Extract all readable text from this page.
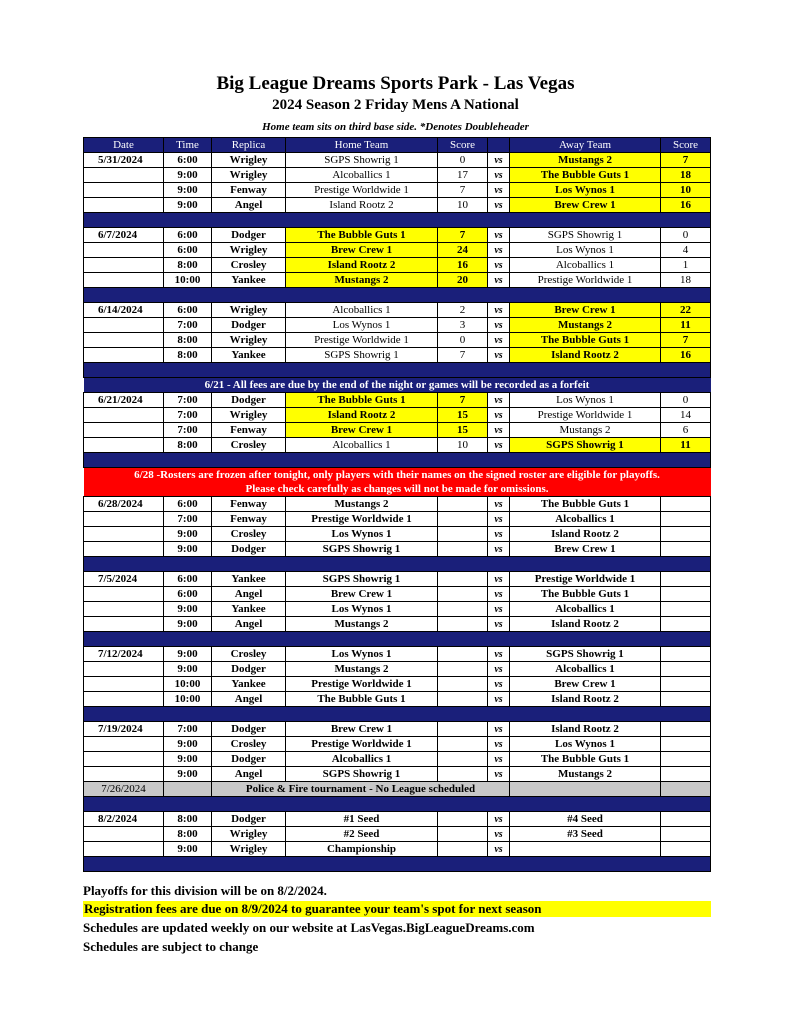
Big League Dreams Sports Park - Las Vegas
2024 Season 2 Friday Mens A National
Home team sits on third base side. *Denotes Doubleheader
Date	Time	Replica	Home Team	Score		Away Team	Score
5/31/2024	6:00	Wrigley	SGPS Showrig 1	0	vs	Mustangs 2	7
	9:00	Wrigley	Alcoballics 1	17	vs	The Bubble Guts 1	18
	9:00	Fenway	Prestige Worldwide 1	7	vs	Los Wynos 1	10
	9:00	Angel	Island Rootz 2	10	vs	Brew Crew 1	16

6/7/2024	6:00	Dodger	The Bubble Guts 1	7	vs	SGPS Showrig 1	0
	6:00	Wrigley	Brew Crew 1	24	vs	Los Wynos 1	4
	8:00	Crosley	Island Rootz 2	16	vs	Alcoballics 1	1
	10:00	Yankee	Mustangs 2	20	vs	Prestige Worldwide 1	18

6/14/2024	6:00	Wrigley	Alcoballics 1	2	vs	Brew Crew 1	22
	7:00	Dodger	Los Wynos 1	3	vs	Mustangs 2	11
	8:00	Wrigley	Prestige Worldwide 1	0	vs	The Bubble Guts 1	7
	8:00	Yankee	SGPS Showrig 1	7	vs	Island Rootz 2	16

6/21 - All fees are due by the end of the night or games will be recorded as a forfeit							
6/21/2024	7:00	Dodger	The Bubble Guts 1	7	vs	Los Wynos 1	0
	7:00	Wrigley	Island Rootz 2	15	vs	Prestige Worldwide 1	14
	7:00	Fenway	Brew Crew 1	15	vs	Mustangs 2	6
	8:00	Crosley	Alcoballics 1	10	vs	SGPS Showrig 1	11

6/28 -Rosters are frozen after tonight, only players with their names on the signed roster are eligible for playoffs.							
Please check carefully as changes will not be made for omissions.							
6/28/2024	6:00	Fenway	Mustangs 2		vs	The Bubble Guts 1	
	7:00	Fenway	Prestige Worldwide 1		vs	Alcoballics 1	
	9:00	Crosley	Los Wynos 1		vs	Island Rootz 2	
	9:00	Dodger	SGPS Showrig 1		vs	Brew Crew 1	

7/5/2024	6:00	Yankee	SGPS Showrig 1		vs	Prestige Worldwide 1	
	6:00	Angel	Brew Crew 1		vs	The Bubble Guts 1	
	9:00	Yankee	Los Wynos 1		vs	Alcoballics 1	
	9:00	Angel	Mustangs 2		vs	Island Rootz 2	

7/12/2024	9:00	Crosley	Los Wynos 1		vs	SGPS Showrig 1	
	9:00	Dodger	Mustangs 2		vs	Alcoballics 1	
	10:00	Yankee	Prestige Worldwide 1		vs	Brew Crew 1	
	10:00	Angel	The Bubble Guts 1		vs	Island Rootz 2	

7/19/2024	7:00	Dodger	Brew Crew 1		vs	Island Rootz 2	
	9:00	Crosley	Prestige Worldwide 1		vs	Los Wynos 1	
	9:00	Dodger	Alcoballics 1		vs	The Bubble Guts 1	
	9:00	Angel	SGPS Showrig 1		vs	Mustangs 2	
7/26/2024		Police & Fire tournament - No League scheduled					

8/2/2024	8:00	Dodger	#1 Seed		vs	#4 Seed	
	8:00	Wrigley	#2 Seed		vs	#3 Seed	
	9:00	Wrigley	Championship		vs		

Playoffs for this division will be on 8/2/2024.
Registration fees are due on 8/9/2024 to guarantee your team's spot for next season
Schedules are updated weekly on our website at LasVegas.BigLeagueDreams.com
Schedules are subject to change
